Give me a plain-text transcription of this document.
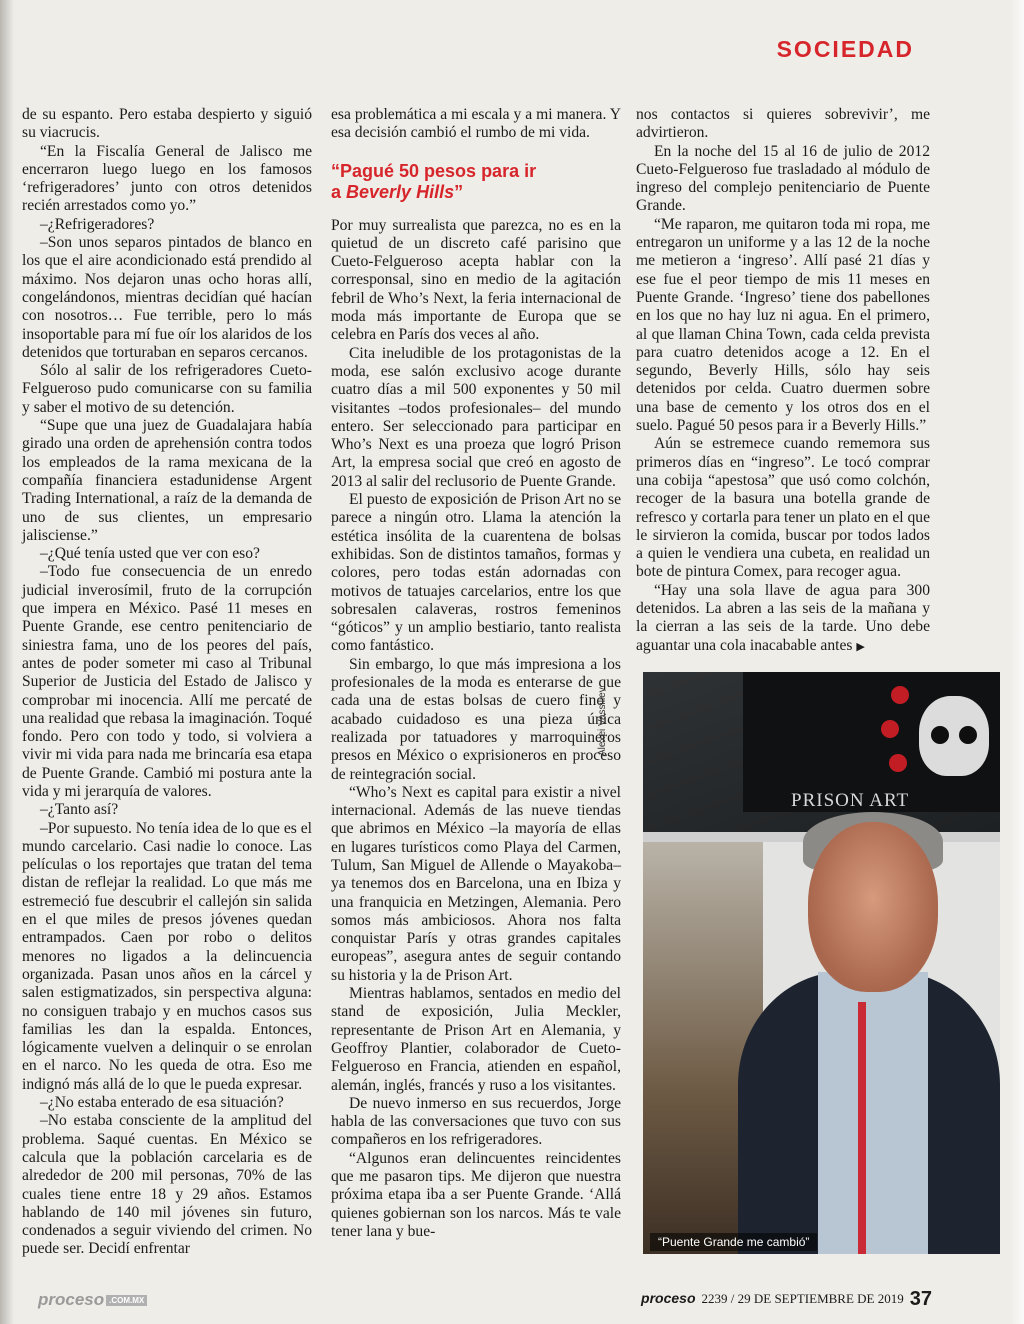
SOCIEDAD

de su espanto. Pero estaba despierto y siguió su viacrucis.

“En la Fiscalía General de Jalisco me encerraron luego luego en los famosos ‘refrigeradores’ junto con otros detenidos recién arrestados como yo.”

–¿Refrigeradores?

–Son unos separos pintados de blanco en los que el aire acondicionado está prendido al máximo. Nos dejaron unas ocho horas allí, congelándonos, mientras decidían qué hacían con nosotros… Fue terrible, pero lo más insoportable para mí fue oír los alaridos de los detenidos que torturaban en separos cercanos.

Sólo al salir de los refrigeradores Cueto-Felgueroso pudo comunicarse con su familia y saber el motivo de su detención.

“Supe que una juez de Guadalajara había girado una orden de aprehensión contra todos los empleados de la rama mexicana de la compañía financiera estadunidense Argent Trading International, a raíz de la demanda de uno de sus clientes, un empresario jalisciense.”

–¿Qué tenía usted que ver con eso?

–Todo fue consecuencia de un enredo judicial inverosímil, fruto de la corrupción que impera en México. Pasé 11 meses en Puente Grande, ese centro penitenciario de siniestra fama, uno de los peores del país, antes de poder someter mi caso al Tribunal Superior de Justicia del Estado de Jalisco y comprobar mi inocencia. Allí me percaté de una realidad que rebasa la imaginación. Toqué fondo. Pero con todo y todo, si volviera a vivir mi vida para nada me brincaría esa etapa de Puente Grande. Cambió mi postura ante la vida y mi jerarquía de valores.

–¿Tanto así?

–Por supuesto. No tenía idea de lo que es el mundo carcelario. Casi nadie lo conoce. Las películas o los reportajes que tratan del tema distan de reflejar la realidad. Lo que más me estremeció fue descubrir el callejón sin salida en el que miles de presos jóvenes quedan entrampados. Caen por robo o delitos menores no ligados a la delincuencia organizada. Pasan unos años en la cárcel y salen estigmatizados, sin perspectiva alguna: no consiguen trabajo y en muchos casos sus familias les dan la espalda. Entonces, lógicamente vuelven a delinquir o se enrolan en el narco. No les queda de otra. Eso me indignó más allá de lo que le pueda expresar.

–¿No estaba enterado de esa situación?

–No estaba consciente de la amplitud del problema. Saqué cuentas. En México se calcula que la población carcelaria es de alrededor de 200 mil personas, 70% de las cuales tiene entre 18 y 29 años. Estamos hablando de 140 mil jóvenes sin futuro, condenados a seguir viviendo del crimen. No puede ser. Decidí enfrentar

esa problemática a mi escala y a mi manera. Y esa decisión cambió el rumbo de mi vida.

“Pagué 50 pesos para ir
a Beverly Hills”

Por muy surrealista que parezca, no es en la quietud de un discreto café parisino que Cueto-Felgueroso acepta hablar con la corresponsal, sino en medio de la agitación febril de Who’s Next, la feria internacional de moda más importante de Europa que se celebra en París dos veces al año.

Cita ineludible de los protagonistas de la moda, ese salón exclusivo acoge durante cuatro días a mil 500 exponentes y 50 mil visitantes –todos profesionales– del mundo entero. Ser seleccionado para participar en Who’s Next es una proeza que logró Prison Art, la empresa social que creó en agosto de 2013 al salir del reclusorio de Puente Grande.

El puesto de exposición de Prison Art no se parece a ningún otro. Llama la atención la estética insólita de la cuarentena de bolsas exhibidas. Son de distintos tamaños, formas y colores, pero todas están adornadas con motivos de tatuajes carcelarios, entre los que sobresalen calaveras, rostros femeninos “góticos” y un amplio bestiario, tanto realista como fantástico.

Sin embargo, lo que más impresiona a los profesionales de la moda es enterarse de que cada una de estas bolsas de cuero fino y acabado cuidadoso es una pieza única realizada por tatuadores y marroquineros presos en México o exprisioneros en proceso de reintegración social.

“Who’s Next es capital para existir a nivel internacional. Además de las nueve tiendas que abrimos en México –la mayoría de ellas en lugares turísticos como Playa del Carmen, Tulum, San Miguel de Allende o Mayakoba– ya tenemos dos en Barcelona, una en Ibiza y una franquicia en Metzingen, Alemania. Pero somos más ambiciosos. Ahora nos falta conquistar París y otras grandes capitales europeas”, asegura antes de seguir contando su historia y la de Prison Art.

Mientras hablamos, sentados en medio del stand de exposición, Julia Meckler, representante de Prison Art en Alemania, y Geoffroy Plantier, colaborador de Cueto-Felgueroso en Francia, atienden en español, alemán, inglés, francés y ruso a los visitantes.

De nuevo inmerso en sus recuerdos, Jorge habla de las conversaciones que tuvo con sus compañeros en los refrigeradores.

“Algunos eran delincuentes reincidentes que me pasaron tips. Me dijeron que nuestra próxima etapa iba a ser Puente Grande. ‘Allá quienes gobiernan son los narcos. Más te vale tener lana y bue-

nos contactos si quieres sobrevivir’, me advirtieron.

En la noche del 15 al 16 de julio de 2012 Cueto-Felgueroso fue trasladado al módulo de ingreso del complejo penitenciario de Puente Grande.

“Me raparon, me quitaron toda mi ropa, me entregaron un uniforme y a las 12 de la noche me metieron a ‘ingreso’. Allí pasé 21 días y ese fue el peor tiempo de mis 11 meses en Puente Grande. ‘Ingreso’ tiene dos pabellones en los que no hay luz ni agua. En el primero, al que llaman China Town, cada celda prevista para cuatro detenidos acoge a 12. En el segundo, Beverly Hills, sólo hay seis detenidos por celda. Cuatro duermen sobre una base de cemento y los otros dos en el suelo. Pagué 50 pesos para ir a Beverly Hills.”

Aún se estremece cuando rememora sus primeros días en “ingreso”. Le tocó comprar una cobija “apestosa” que usó como colchón, recoger de la basura una botella grande de refresco y cortarla para tener un plato en el que le sirvieron la comida, buscar por todos lados a quien le vendiera una cubeta, en realidad un bote de pintura Comex, para recoger agua.

“Hay una sola llave de agua para 300 detenidos. La abren a las seis de la mañana y la cierran a las seis de la tarde. Uno debe aguantar una cola inacabable antes ▶

Alexei Vassiliev
PRISON ART
“Puente Grande me cambió”
proceso .COM.MX	proceso 2239 / 29 DE SEPTIEMBRE DE 2019 37
